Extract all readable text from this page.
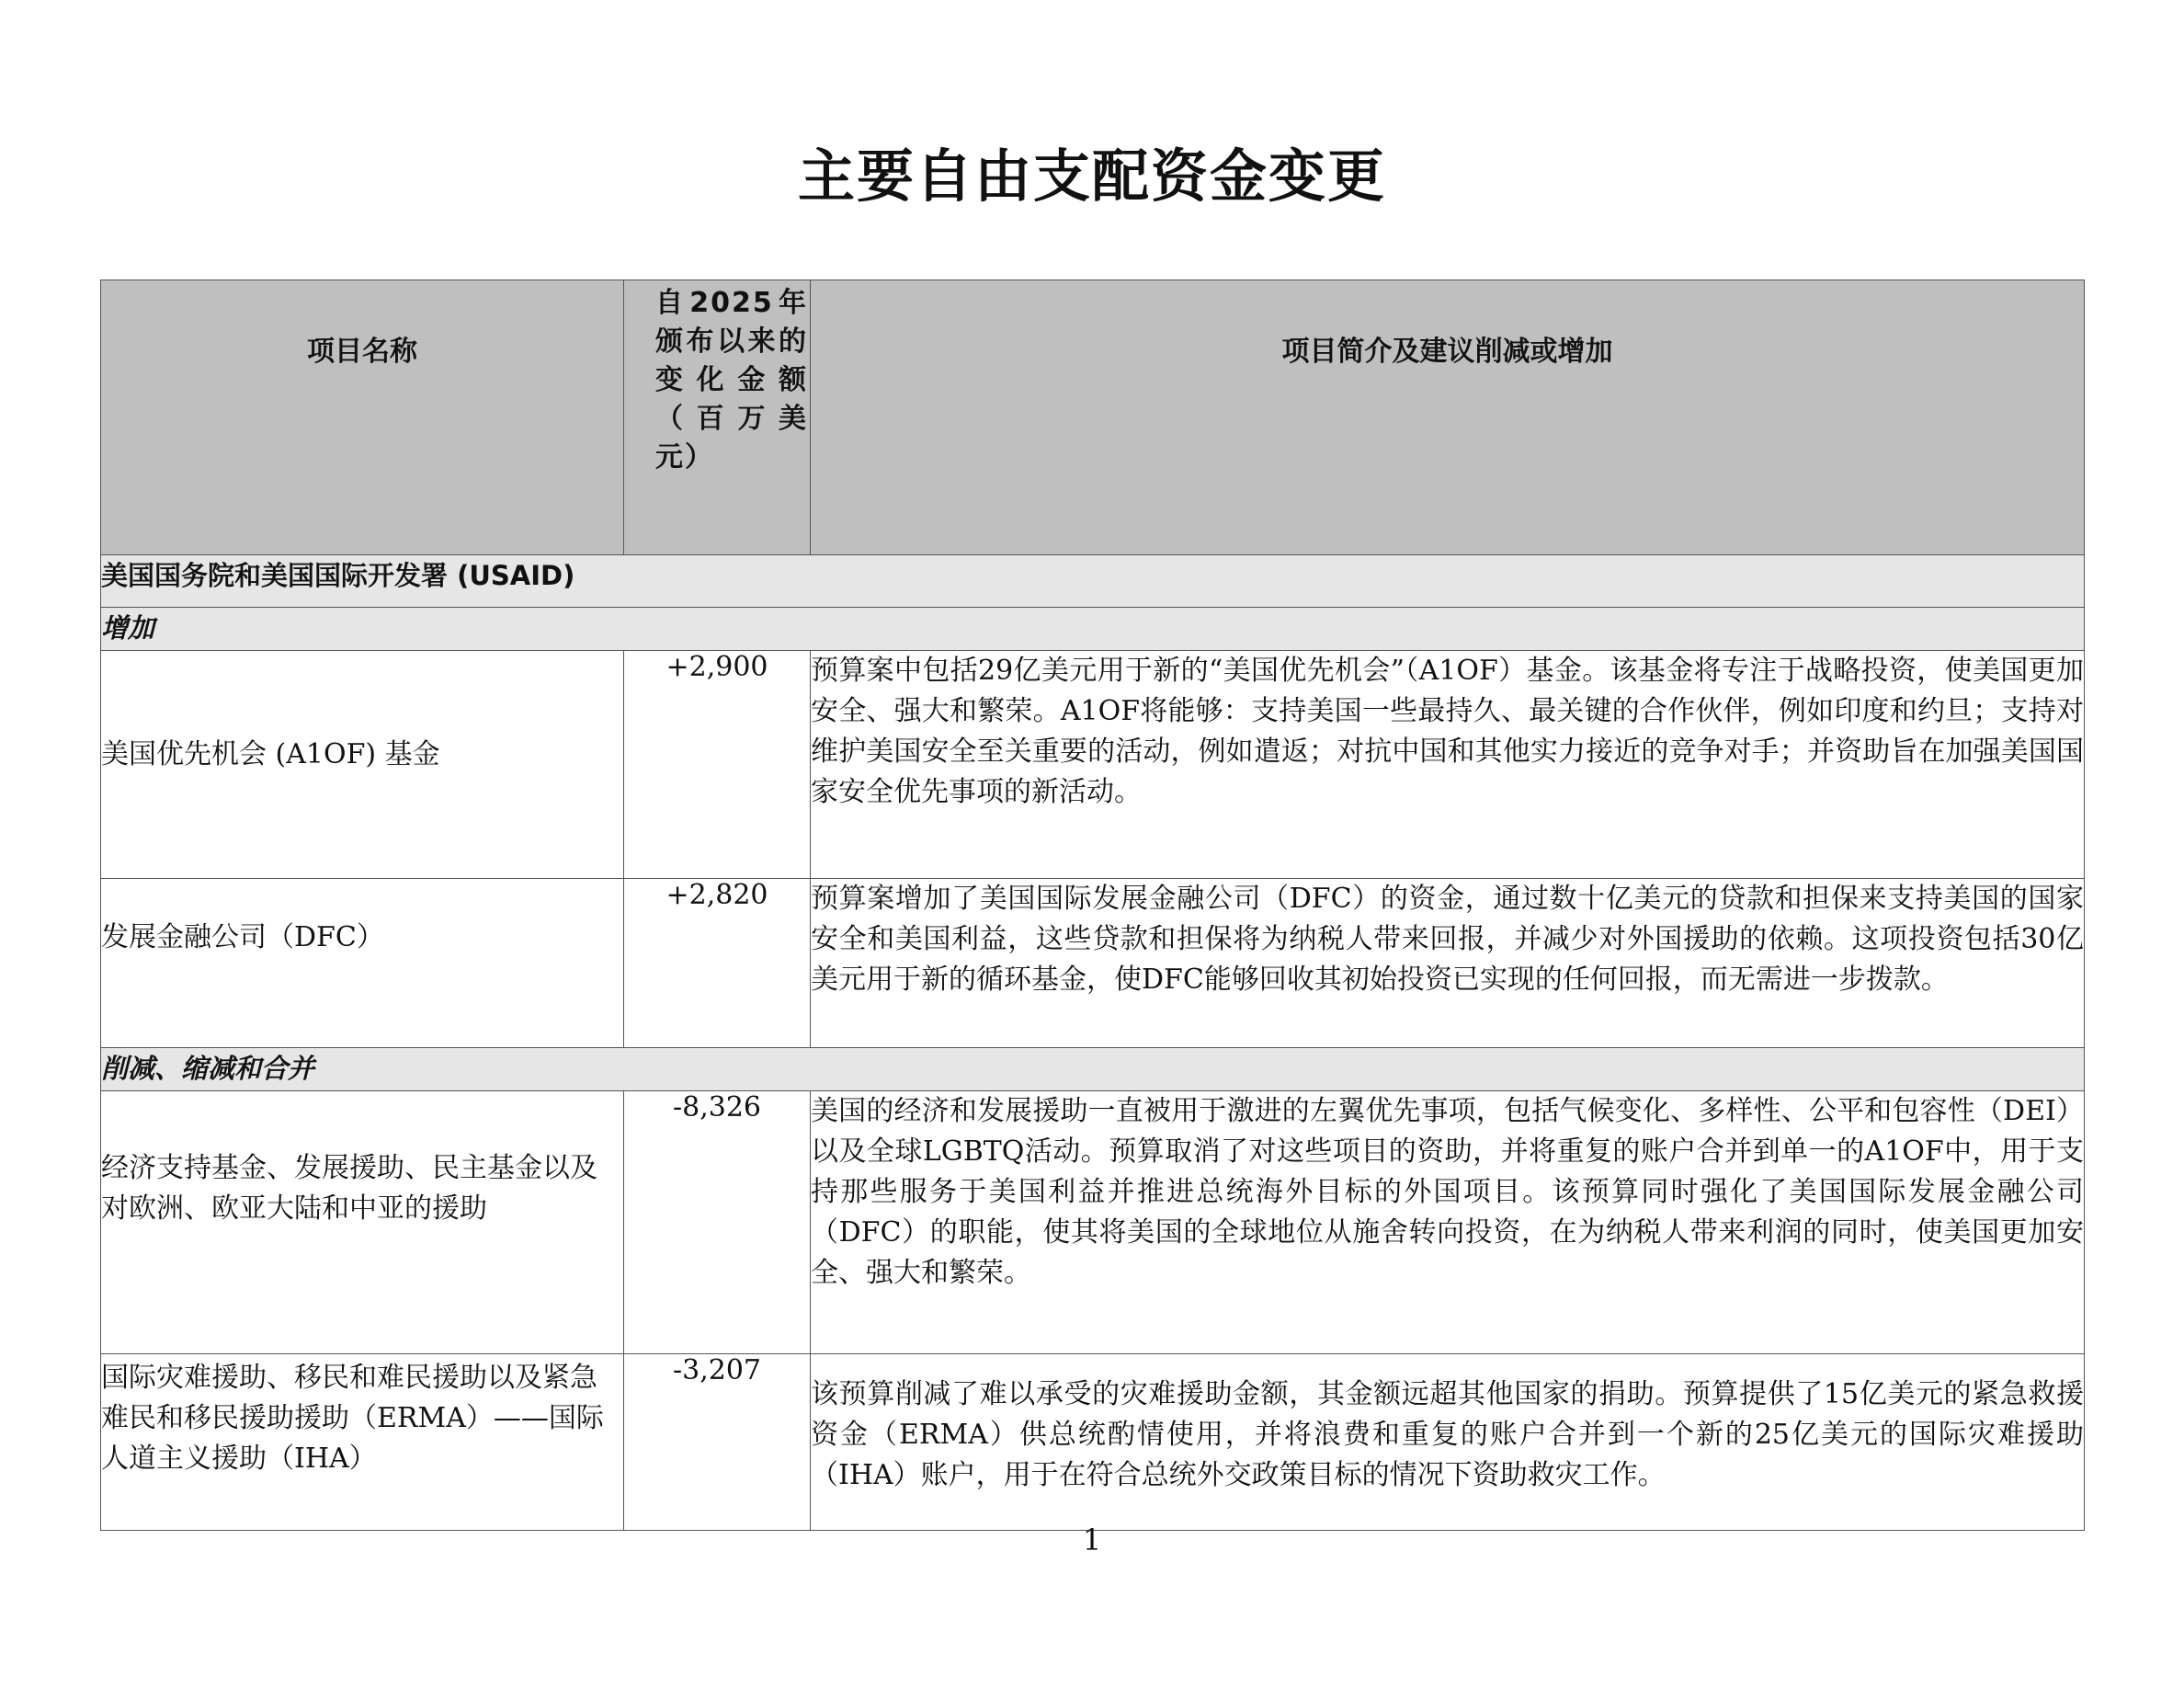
主要自由支配资金变更
项目名称	自2025年颁布以来的变化金额（百万美元）	项目简介及建议削减或增加
美国国务院和美国国际开发署 (USAID)		
增加		
美国优先机会 (A1OF) 基金	+2,900	预算案中包括29亿美元用于新的“美国优先机会”（A1OF）基金。该基金将专注于战略投资，使美国更加安全、强大和繁荣。A1OF将能够：支持美国一些最持久、最关键的合作伙伴，例如印度和约旦；支持对维护美国安全至关重要的活动，例如遣返；对抗中国和其他实力接近的竞争对手；并资助旨在加强美国国家安全优先事项的新活动。
发展金融公司（DFC）	+2,820	预算案增加了美国国际发展金融公司（DFC）的资金，通过数十亿美元的贷款和担保来支持美国的国家安全和美国利益，这些贷款和担保将为纳税人带来回报，并减少对外国援助的依赖。这项投资包括30亿美元用于新的循环基金，使DFC能够回收其初始投资已实现的任何回报，而无需进一步拨款。
削减、缩减和合并		
经济支持基金、发展援助、民主基金以及对欧洲、欧亚大陆和中亚的援助	-8,326	美国的经济和发展援助一直被用于激进的左翼优先事项，包括气候变化、多样性、公平和包容性（DEI）以及全球LGBTQ活动。预算取消了对这些项目的资助，并将重复的账户合并到单一的A1OF中，用于支持那些服务于美国利益并推进总统海外目标的外国项目。该预算同时强化了美国国际发展金融公司（DFC）的职能，使其将美国的全球地位从施舍转向投资，在为纳税人带来利润的同时，使美国更加安全、强大和繁荣。
国际灾难援助、移民和难民援助以及紧急难民和移民援助援助（ERMA）——国际人道主义援助（IHA）	-3,207	该预算削减了难以承受的灾难援助金额，其金额远超其他国家的捐助。预算提供了15亿美元的紧急救援资金（ERMA）供总统酌情使用，并将浪费和重复的账户合并到一个新的25亿美元的国际灾难援助（IHA）账户，用于在符合总统外交政策目标的情况下资助救灾工作。
1
